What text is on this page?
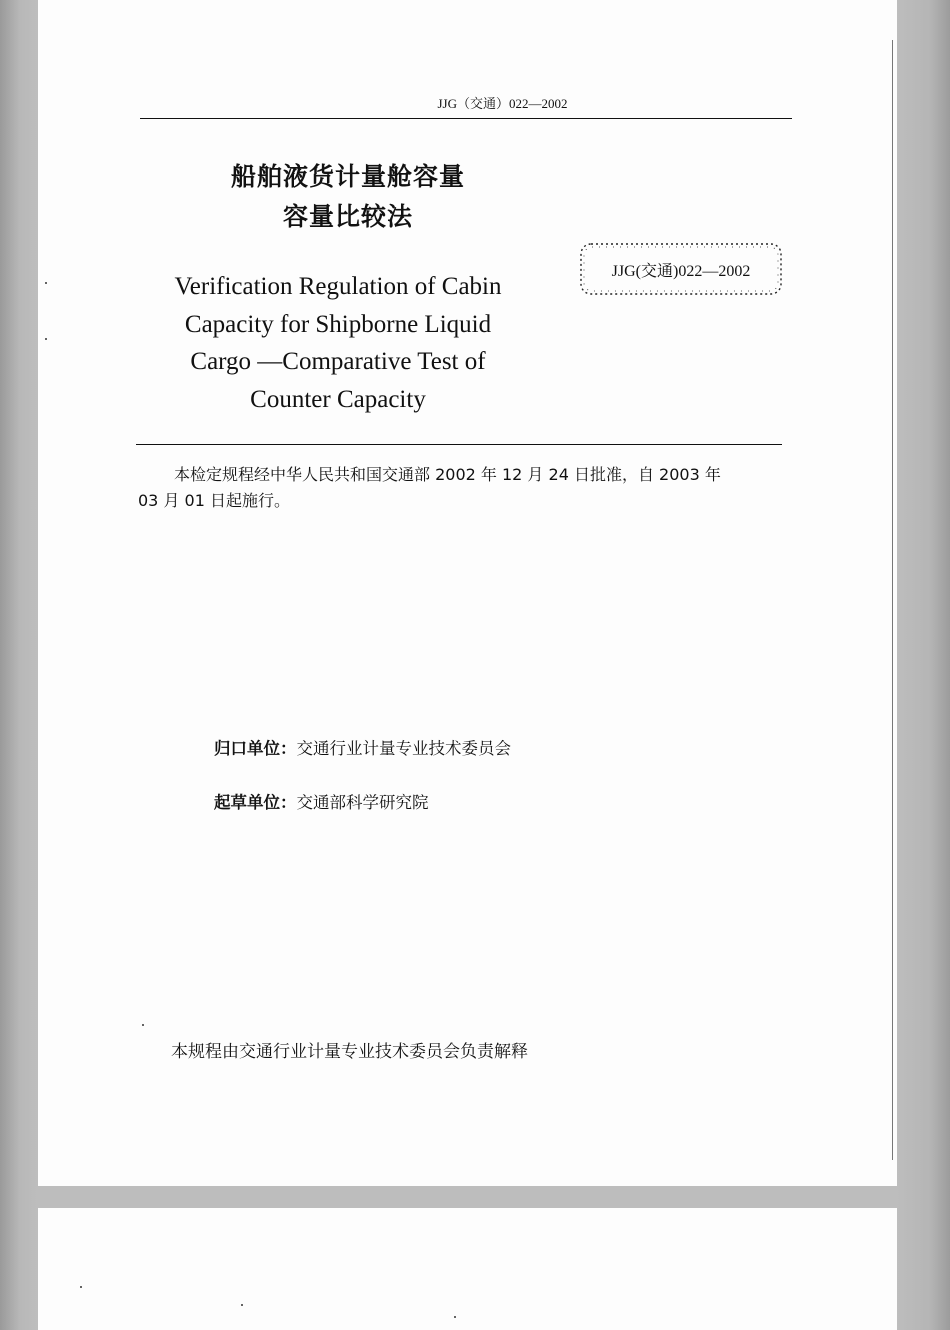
JJG（交通）022—2002
船舶液货计量舱容量
容量比较法
Verification Regulation of Cabin
Capacity for Shipborne Liquid
Cargo —Comparative Test of
Counter Capacity
JJG(交通)022—2002
本检定规程经中华人民共和国交通部 2002 年 12 月 24 日批准，自 2003 年
03 月 01 日起施行。
归口单位：交通行业计量专业技术委员会
起草单位：交通部科学研究院
本规程由交通行业计量专业技术委员会负责解释
